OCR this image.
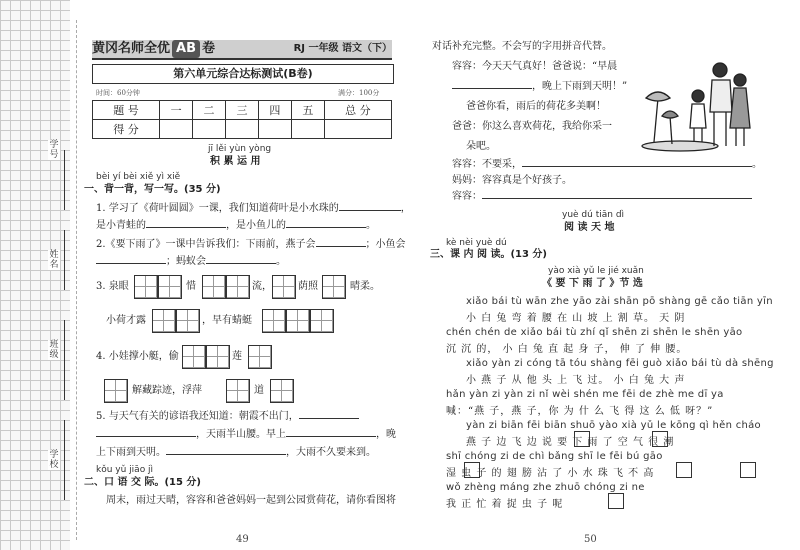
学号
姓名
班级
学校
黄冈名师全优 AB 卷	RJ 一年级 语文（下）
第六单元综合达标测试(B卷)
时间：60分钟	满分：100分
题 号	一	二	三	四	五	总 分
得 分						
jī lěi yùn yòng
积 累 运 用
bèi yí bèi xiě yì xiě
一、背一背，写一写。(35 分)
1. 学习了《荷叶圆圆》一课，我们知道荷叶是小水珠的	，
是小青蛙的	，是小鱼儿的	。
2.《要下雨了》一课中告诉我们：下雨前，燕子会	；小鱼会
；蚂蚁会	。
3. 泉眼	惜	流，	荫照	晴柔。
小荷才露	，早有蜻蜓
4. 小娃撑小艇，偷	莲
解藏踪迹，浮萍	道
5. 与天气有关的谚语我还知道：朝霞不出门，
，天雨半山腰。早上	，晚
上下雨到天明。	，大雨不久要来到。
kǒu yǔ jiāo jì
二、口 语 交 际。(15 分)
周末，雨过天晴，容容和爸爸妈妈一起到公园赏荷花，请你看图将
49
对话补充完整。不会写的字用拼音代替。
容容：今天天气真好！爸爸说：“早晨
，晚上下雨到天明！”
爸爸你看，雨后的荷花多美啊！
爸爸：你这么喜欢荷花，我给你采一
朵吧。
容容：不要采，	。
妈妈：容容真是个好孩子。
容容：
yuè dú tiān dì
阅 读 天 地
kè nèi yuè dú
三、课 内 阅 读。(13 分)
yào xià yǔ le jié xuǎn
《 要 下 雨 了 》节 选
xiǎo bái tù wān zhe yāo zài shān pō shàng gē cǎo tiān yīn
小 白 兔 弯 着 腰 在 山 坡 上 割 草。 天 阴
chén chén de xiǎo bái tù zhí qǐ shēn zi shēn le shēn yāo
沉 沉 的， 小 白 兔 直 起 身 子， 伸 了 伸 腰。
xiǎo yàn zi cóng tā tóu shàng fēi guò xiǎo bái tù dà shēng
小 燕 子 从 他 头 上 飞 过。 小 白 兔 大 声
hǎn yàn zi yàn zi nǐ wèi shén me fēi de zhè me dī ya
喊：“燕 子，燕 子，你 为 什 么 飞 得 这 么 低 呀？”
yàn zi biān fēi biān shuō yào xià yǔ le kōng qì hěn cháo
燕 子 边 飞 边 说 要 下 雨 了 空 气 很 潮
shī chóng zi de chì bǎng shī le fēi bú gāo
湿 虫 子 的 翅 膀 沾 了 小 水 珠 飞 不 高
wǒ zhèng máng zhe zhuō chóng zi ne
我 正 忙 着 捉 虫 子 呢
50
